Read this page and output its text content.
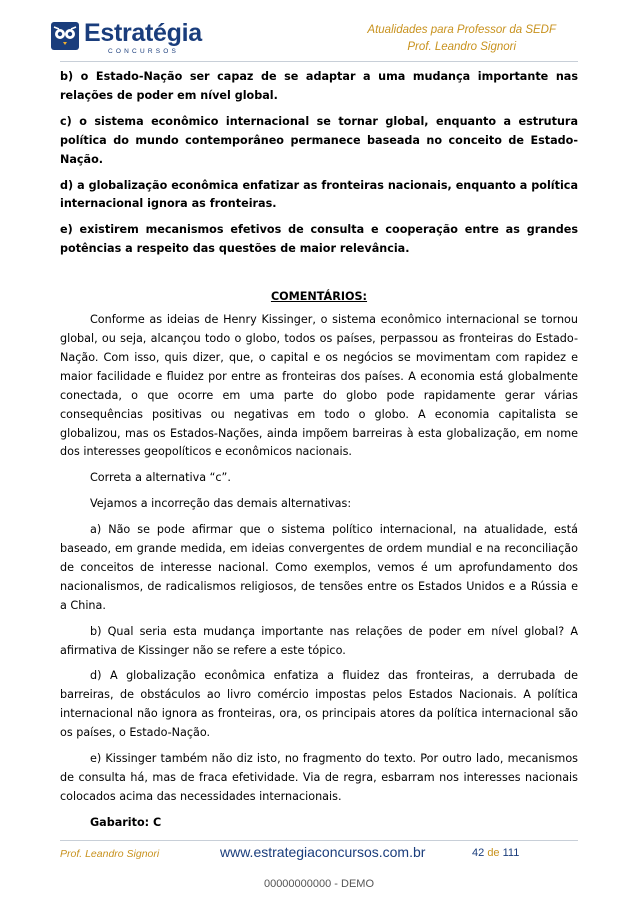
Estratégia
CONCURSOS
Atualidades para Professor da SEDF
Prof. Leandro Signori

b) o Estado-Nação ser capaz de se adaptar a uma mudança importante nas relações de poder em nível global.

c) o sistema econômico internacional se tornar global, enquanto a estrutura política do mundo contemporâneo permanece baseada no conceito de Estado-Nação.

d) a globalização econômica enfatizar as fronteiras nacionais, enquanto a política internacional ignora as fronteiras.

e) existirem mecanismos efetivos de consulta e cooperação entre as grandes potências a respeito das questões de maior relevância.

COMENTÁRIOS:

Conforme as ideias de Henry Kissinger, o sistema econômico internacional se tornou global, ou seja, alcançou todo o globo, todos os países, perpassou as fronteiras do Estado-Nação. Com isso, quis dizer, que, o capital e os negócios se movimentam com rapidez e maior facilidade e fluidez por entre as fronteiras dos países. A economia está globalmente conectada, o que ocorre em uma parte do globo pode rapidamente gerar várias consequências positivas ou negativas em todo o globo. A economia capitalista se globalizou, mas os Estados-Nações, ainda impõem barreiras à esta globalização, em nome dos interesses geopolíticos e econômicos nacionais.

Correta a alternativa “c”.

Vejamos a incorreção das demais alternativas:

a) Não se pode afirmar que o sistema político internacional, na atualidade, está baseado, em grande medida, em ideias convergentes de ordem mundial e na reconciliação de conceitos de interesse nacional. Como exemplos, vemos é um aprofundamento dos nacionalismos, de radicalismos religiosos, de tensões entre os Estados Unidos e a Rússia e a China.

b) Qual seria esta mudança importante nas relações de poder em nível global? A afirmativa de Kissinger não se refere a este tópico.

d) A globalização econômica enfatiza a fluidez das fronteiras, a derrubada de barreiras, de obstáculos ao livro comércio impostas pelos Estados Nacionais. A política internacional não ignora as fronteiras, ora, os principais atores da política internacional são os países, o Estado-Nação.

e) Kissinger também não diz isto, no fragmento do texto. Por outro lado, mecanismos de consulta há, mas de fraca efetividade. Via de regra, esbarram nos interesses nacionais colocados acima das necessidades internacionais.

Gabarito: C

Prof. Leandro Signori	www.estrategiaconcursos.com.br	42 de 111
00000000000 - DEMO
